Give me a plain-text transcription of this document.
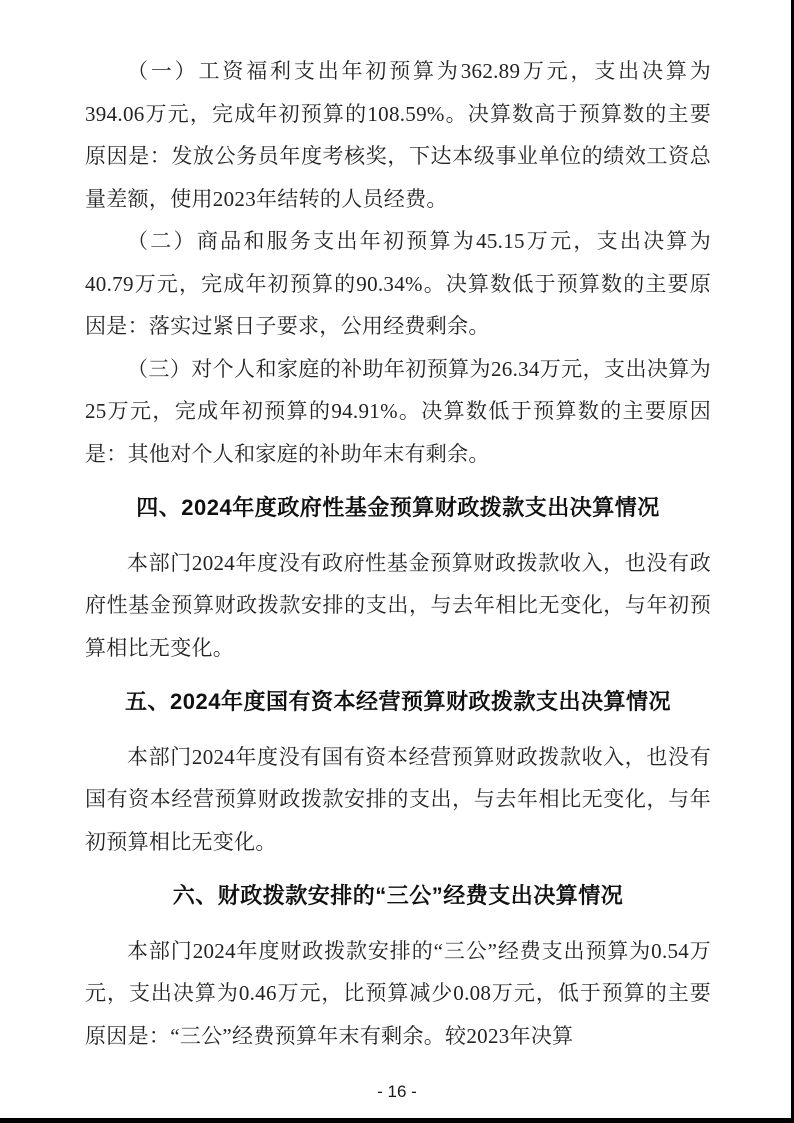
（一）工资福利支出年初预算为362.89万元，支出决算为394.06万元，完成年初预算的108.59%。决算数高于预算数的主要原因是：发放公务员年度考核奖，下达本级事业单位的绩效工资总量差额，使用2023年结转的人员经费。

（二）商品和服务支出年初预算为45.15万元，支出决算为40.79万元，完成年初预算的90.34%。决算数低于预算数的主要原因是：落实过紧日子要求，公用经费剩余。

（三）对个人和家庭的补助年初预算为26.34万元，支出决算为25万元，完成年初预算的94.91%。决算数低于预算数的主要原因是：其他对个人和家庭的补助年末有剩余。

四、2024年度政府性基金预算财政拨款支出决算情况

本部门2024年度没有政府性基金预算财政拨款收入，也没有政府性基金预算财政拨款安排的支出，与去年相比无变化，与年初预算相比无变化。

五、2024年度国有资本经营预算财政拨款支出决算情况

本部门2024年度没有国有资本经营预算财政拨款收入，也没有国有资本经营预算财政拨款安排的支出，与去年相比无变化，与年初预算相比无变化。

六、财政拨款安排的“三公”经费支出决算情况

本部门2024年度财政拨款安排的“三公”经费支出预算为0.54万元，支出决算为0.46万元，比预算减少0.08万元，低于预算的主要原因是：“三公”经费预算年末有剩余。较2023年决算

- 16 -
